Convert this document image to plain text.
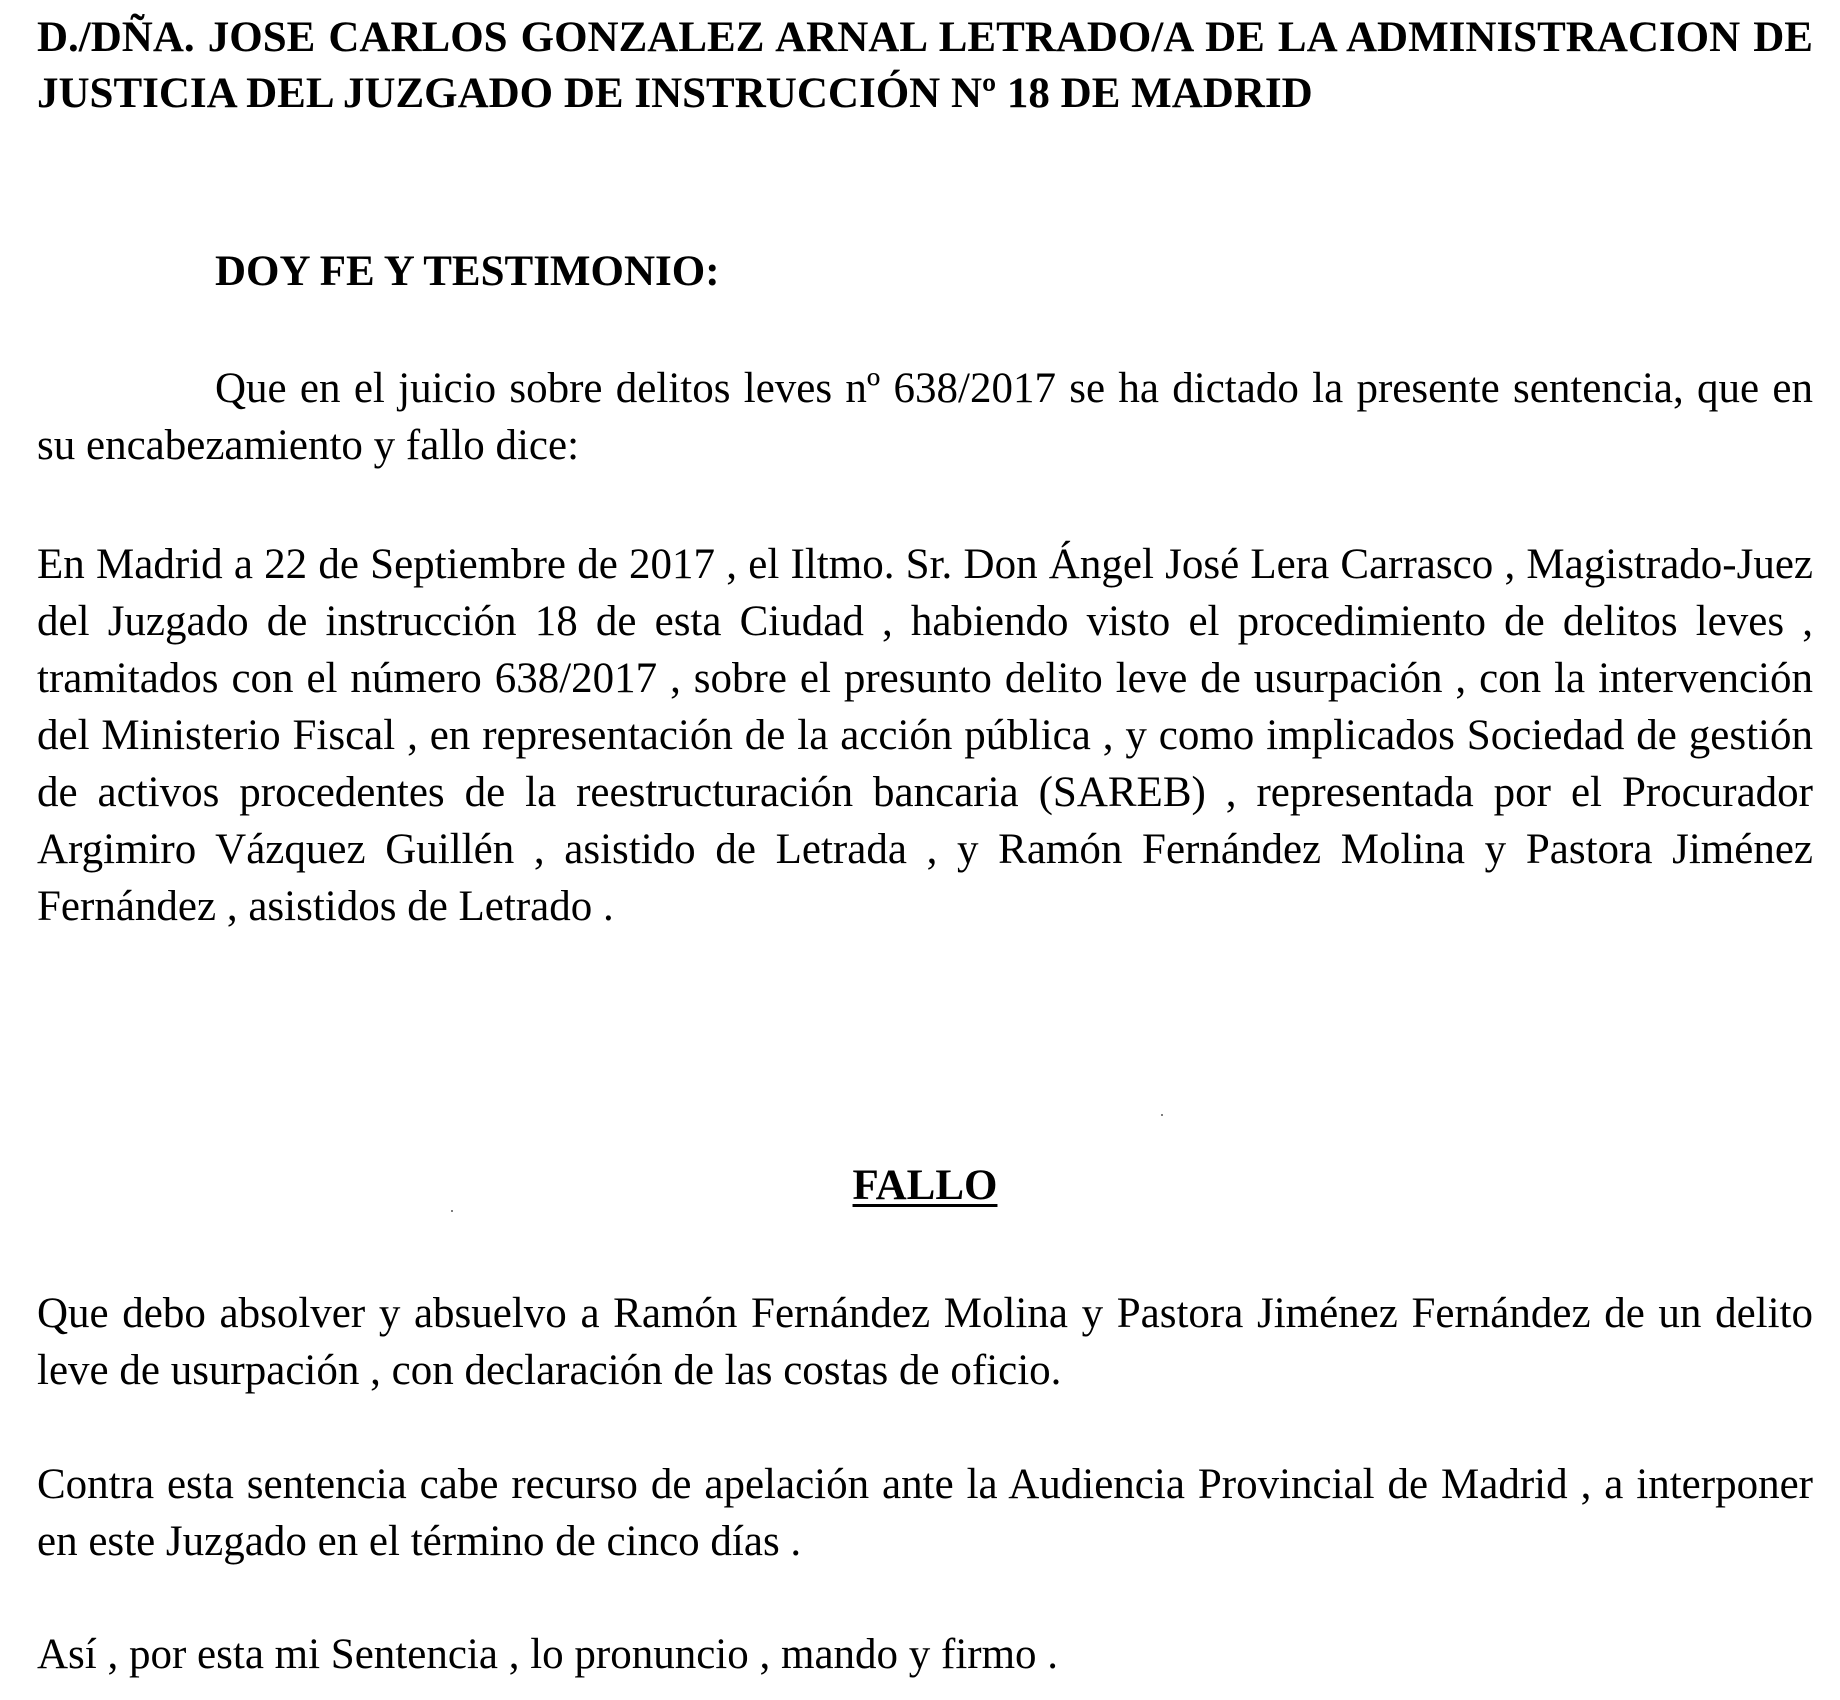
D./DÑA. JOSE CARLOS GONZALEZ ARNAL LETRADO/A DE LA ADMINISTRACION DE JUSTICIA DEL JUZGADO DE INSTRUCCIÓN Nº 18 DE MADRID

DOY FE Y TESTIMONIO:

Que en el juicio sobre delitos leves nº 638/2017 se ha dictado la presente sentencia, que en su encabezamiento y fallo dice:

En Madrid a 22 de Septiembre de 2017 , el Iltmo. Sr. Don Ángel José Lera Carrasco , Magistrado-Juez del Juzgado de instrucción 18 de esta Ciudad , habiendo visto el procedimiento de delitos leves , tramitados con el número 638/2017 , sobre el presunto delito leve de usurpación , con la intervención del Ministerio Fiscal , en representación de la acción pública , y como implicados Sociedad de gestión de activos procedentes de la reestructuración bancaria (SAREB) , representada por el Procurador Argimiro Vázquez Guillén , asistido de Letrada , y Ramón Fernández Molina y Pastora Jiménez Fernández , asistidos de Letrado .

FALLO

Que debo absolver y absuelvo a Ramón Fernández Molina y Pastora Jiménez Fernández de un delito leve de usurpación , con declaración de las costas de oficio.

Contra esta sentencia cabe recurso de apelación ante la Audiencia Provincial de Madrid , a interponer en este Juzgado en el término de cinco días .

Así , por esta mi Sentencia , lo pronuncio , mando y firmo .
